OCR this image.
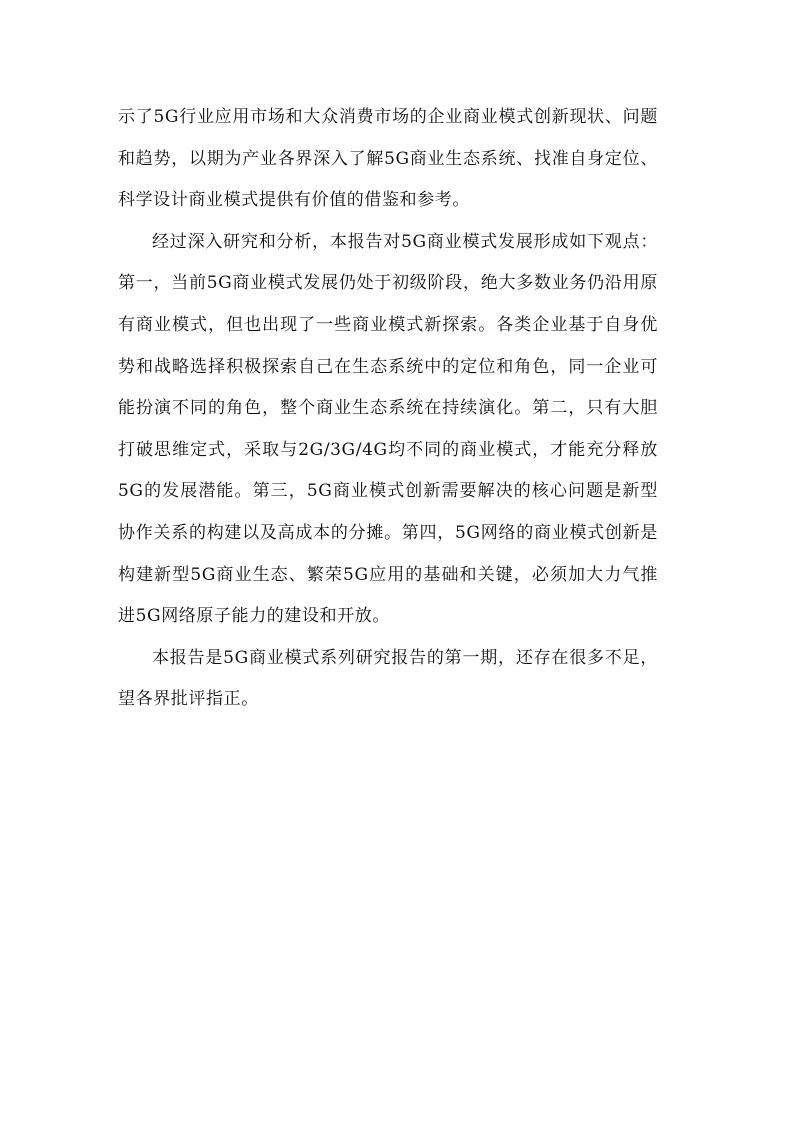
示了5G行业应用市场和大众消费市场的企业商业模式创新现状、问题和趋势，以期为产业各界深入了解5G商业生态系统、找准自身定位、科学设计商业模式提供有价值的借鉴和参考。

经过深入研究和分析，本报告对5G商业模式发展形成如下观点：第一，当前5G商业模式发展仍处于初级阶段，绝大多数业务仍沿用原有商业模式，但也出现了一些商业模式新探索。各类企业基于自身优势和战略选择积极探索自己在生态系统中的定位和角色，同一企业可能扮演不同的角色，整个商业生态系统在持续演化。第二，只有大胆打破思维定式，采取与2G/3G/4G均不同的商业模式，才能充分释放5G的发展潜能。第三，5G商业模式创新需要解决的核心问题是新型协作关系的构建以及高成本的分摊。第四，5G网络的商业模式创新是构建新型5G商业生态、繁荣5G应用的基础和关键，必须加大力气推进5G网络原子能力的建设和开放。

本报告是5G商业模式系列研究报告的第一期，还存在很多不足，望各界批评指正。
